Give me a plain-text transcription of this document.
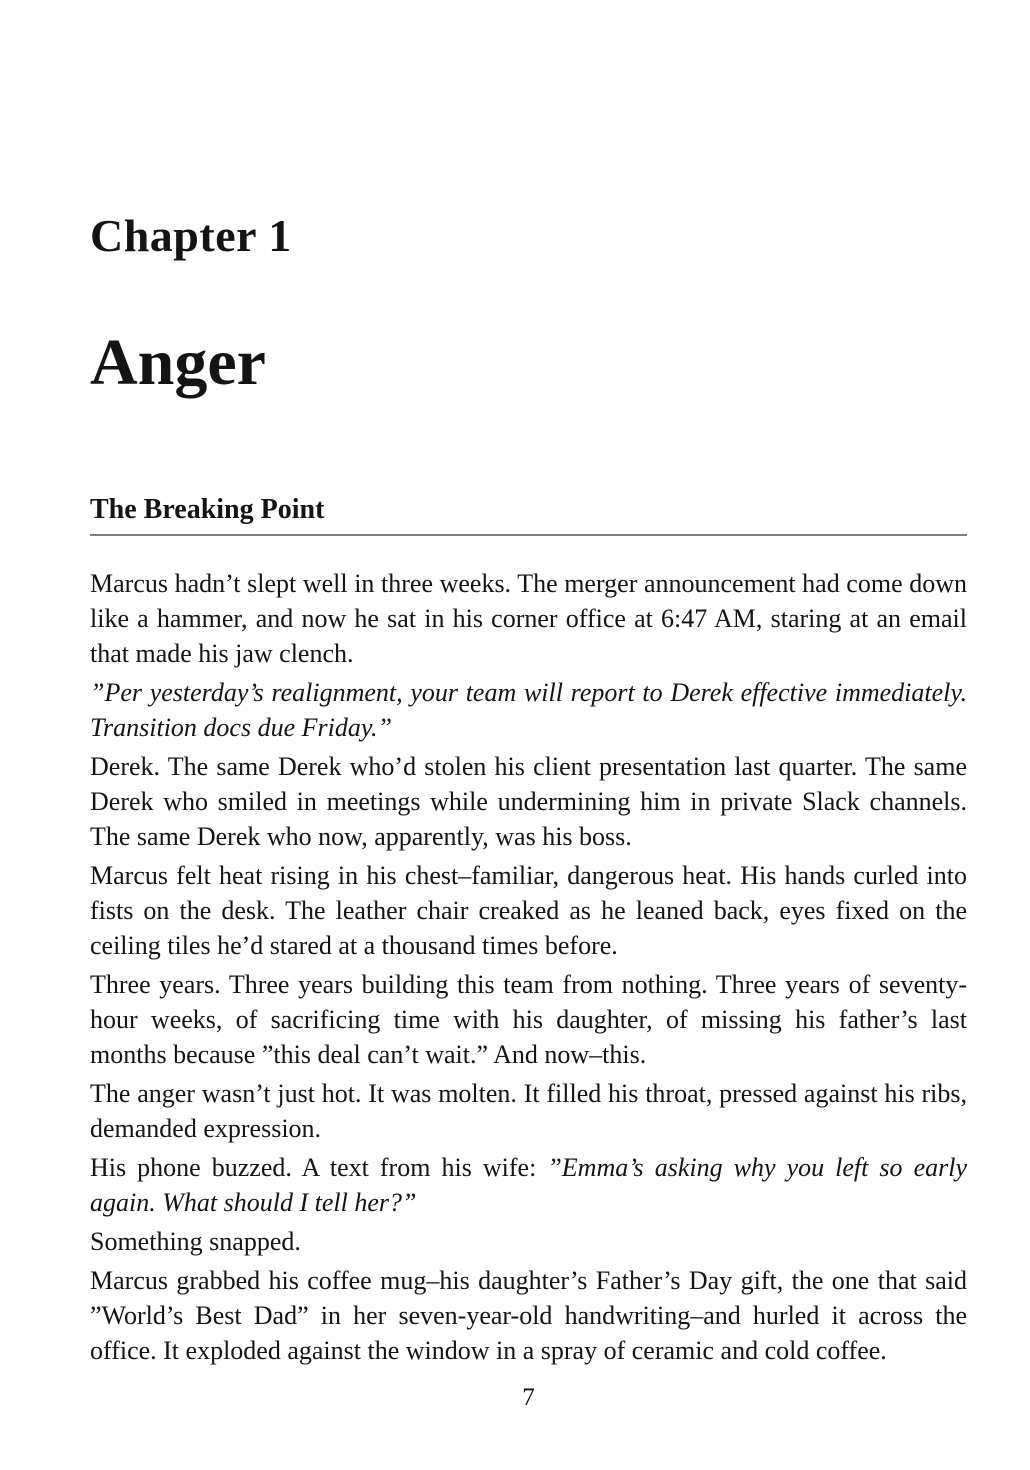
Chapter 1
Anger
The Breaking Point

Marcus hadn’t slept well in three weeks. The merger announcement had come down like a hammer, and now he sat in his corner office at 6:47 AM, staring at an email that made his jaw clench.

”Per yesterday’s realignment, your team will report to Derek effective immediately. Transition docs due Friday.”

Derek. The same Derek who’d stolen his client presentation last quarter. The same Derek who smiled in meetings while undermining him in private Slack channels. The same Derek who now, apparently, was his boss.

Marcus felt heat rising in his chest–familiar, dangerous heat. His hands curled into fists on the desk. The leather chair creaked as he leaned back, eyes fixed on the ceiling tiles he’d stared at a thousand times before.

Three years. Three years building this team from nothing. Three years of seventy-hour weeks, of sacrificing time with his daughter, of missing his father’s last months because ”this deal can’t wait.” And now–this.

The anger wasn’t just hot. It was molten. It filled his throat, pressed against his ribs, demanded expression.

His phone buzzed. A text from his wife: ”Emma’s asking why you left so early again. What should I tell her?”

Something snapped.

Marcus grabbed his coffee mug–his daughter’s Father’s Day gift, the one that said ”World’s Best Dad” in her seven-year-old handwriting–and hurled it across the office. It exploded against the window in a spray of ceramic and cold coffee.

7
